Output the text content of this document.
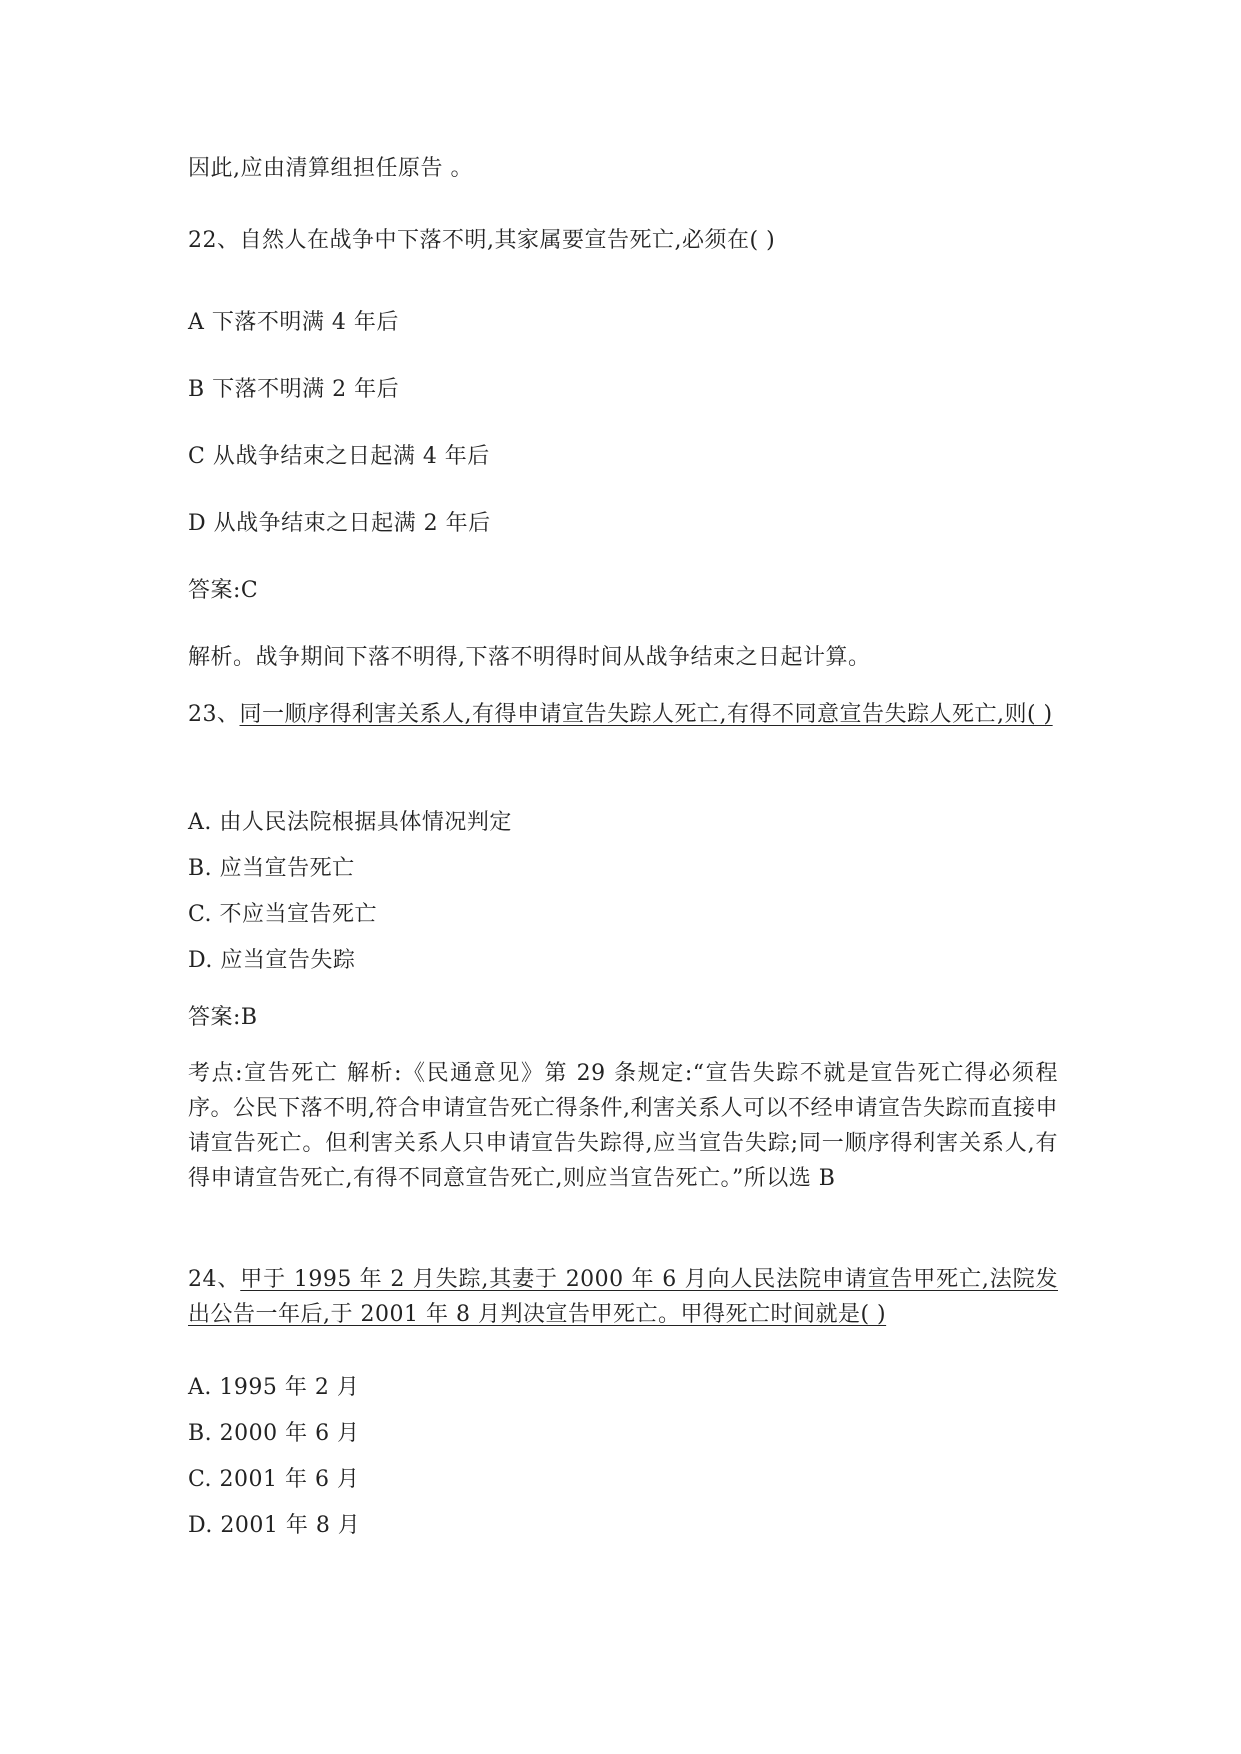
因此,应由清算组担任原告 。
22、自然人在战争中下落不明,其家属要宣告死亡,必须在( )
A 下落不明满 4 年后
B 下落不明满 2 年后
C 从战争结束之日起满 4 年后
D 从战争结束之日起满 2 年后
答案:C
解析。战争期间下落不明得,下落不明得时间从战争结束之日起计算。
23、同一顺序得利害关系人,有得申请宣告失踪人死亡,有得不同意宣告失踪人死亡,则( )
A. 由人民法院根据具体情况判定
B. 应当宣告死亡
C. 不应当宣告死亡
D. 应当宣告失踪
答案:B
考点:宣告死亡 解析:《民通意见》第 29 条规定:“宣告失踪不就是宣告死亡得必须程序。公民下落不明,符合申请宣告死亡得条件,利害关系人可以不经申请宣告失踪而直接申请宣告死亡。但利害关系人只申请宣告失踪得,应当宣告失踪;同一顺序得利害关系人,有得申请宣告死亡,有得不同意宣告死亡,则应当宣告死亡。”所以选 B
24、甲于 1995 年 2 月失踪,其妻于 2000 年 6 月向人民法院申请宣告甲死亡,法院发出公告一年后,于 2001 年 8 月判决宣告甲死亡。甲得死亡时间就是( )
A. 1995 年 2 月
B. 2000 年 6 月
C. 2001 年 6 月
D. 2001 年 8 月
